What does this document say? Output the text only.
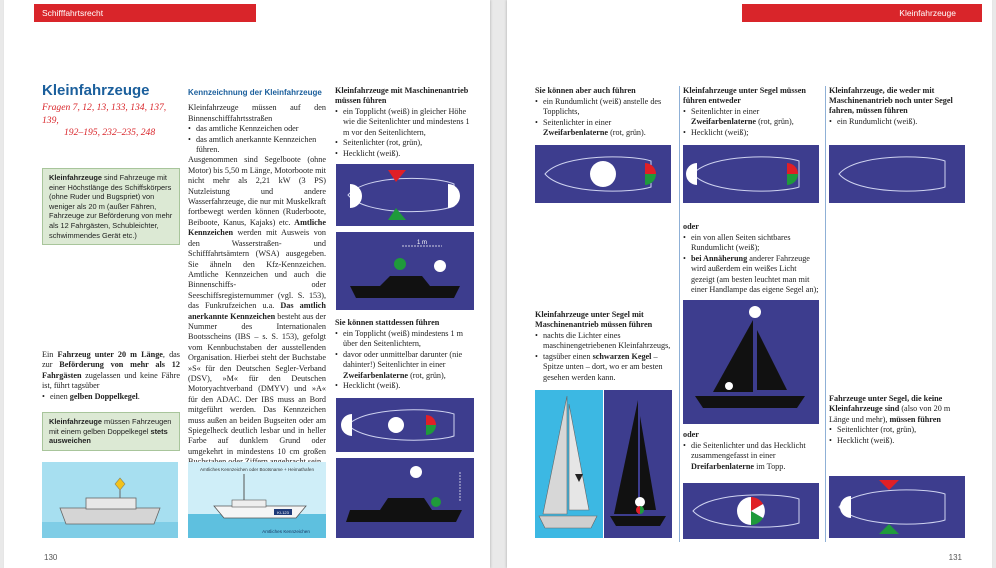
Schifffahrtsrecht
Kleinfahrzeuge
Fragen 7, 12, 13, 133, 134, 137, 139,
192–195, 232–235, 248
Kleinfahrzeuge sind Fahrzeuge mit einer Höchstlänge des Schiffskörpers (ohne Ruder und Bugspriet) von weniger als 20 m (außer Fähren, Fahrzeuge zur Beförderung von mehr als 12 Fahrgästen, Schubleichter, schwimmendes Gerät etc.)

Ein Fahrzeug unter 20 m Länge, das zur Beförderung von mehr als 12 Fahrgästen zugelassen und keine Fähre ist, führt tagsüber

• einen gelben Doppelkegel.
Kleinfahrzeuge müssen Fahrzeugen mit einem gelben Doppelkegel stets ausweichen
Kennzeichnung der Kleinfahrzeuge

Kleinfahrzeuge müssen auf den Binnenschifffahrtsstraßen

• das amtliche Kennzeichen oder
• das amtlich anerkannte Kennzeichen führen.

Ausgenommen sind Segelboote (ohne Motor) bis 5,50 m Länge, Motorboote mit nicht mehr als 2,21 kW (3 PS) Nutzleistung und andere Wasserfahrzeuge, die nur mit Muskelkraft fortbewegt werden können (Ruderboote, Beiboote, Kanus, Kajaks) etc. Amtliche Kennzeichen werden mit Ausweis von den Wasserstraßen- und Schifffahrtsämtern (WSA) ausgegeben. Sie ähneln den Kfz-Kennzeichen. Amtliche Kennzeichen und auch die Binnenschiffs- oder Seeschiffsregisternummer (vgl. S. 153), das Funkrufzeichen u.a. Das amtlich anerkannte Kennzeichen besteht aus der Nummer des Internationalen Bootsscheins (IBS – s. S. 153), gefolgt vom Kennbuchstaben der ausstellenden Organisation. Hierbei steht der Buchstabe »S« für den Deutschen Segler-Verband (DSV), »M« für den Deutschen Motoryachtverband (DMYV) und »A« für den ADAC. Der IBS muss an Bord mitgeführt werden. Das Kennzeichen muss außen an beiden Bugseiten oder am Spiegelheck deutlich lesbar und in heller Farbe auf dunklem Grund oder umgekehrt in mindestens 10 cm großen

Amtliches Kennzeichen oder Bootsname + Heimathafen
KI-123
Amtliches Kennzeichen
Kleinfahrzeuge mit Maschinenantrieb müssen führen
• ein Topplicht (weiß) in gleicher Höhe wie die Seitenlichter und mindestens 1 m vor den Seitenlichtern,
• Seitenlichter (rot, grün),
• Hecklicht (weiß).
1 m
Sie können stattdessen führen
• ein Topplicht (weiß) mindestens 1 m über den Seitenlichtern,
• davor oder unmittelbar darunter (nie dahinter!) Seitenlichter in einer Zweifarbenlaterne (rot, grün),
• Hecklicht (weiß).
130
Kleinfahrzeuge
Sie können aber auch führen
• ein Rundumlicht (weiß) anstelle des Topplichts,
• Seitenlichter in einer Zweifarbenlaterne (rot, grün).
Kleinfahrzeuge unter Segel mit Maschinenantrieb müssen führen
• nachts die Lichter eines maschinengetriebenen Kleinfahrzeugs,
• tagsüber einen schwarzen Kegel – Spitze unten – dort, wo er am besten gesehen werden kann.
Kleinfahrzeuge unter Segel müssen führen entweder
• Seitenlichter in einer Zweifarbenlaterne (rot, grün),
• Hecklicht (weiß);
oder
• ein von allen Seiten sichtbares Rundumlicht (weiß);
• bei Annäherung anderer Fahrzeuge wird außerdem ein weißes Licht gezeigt (am besten leuchtet man mit einer Handlampe das eigene Segel an);
oder
• die Seitenlichter und das Hecklicht zusammengefasst in einer Dreifarbenlaterne im Topp.
Kleinfahrzeuge, die weder mit Maschinenantrieb noch unter Segel fahren, müssen führen
• ein Rundumlicht (weiß).
Fahrzeuge unter Segel, die keine Kleinfahrzeuge sind (also von 20 m Länge und mehr), müssen führen
• Seitenlichter (rot, grün),
• Hecklicht (weiß).
131
